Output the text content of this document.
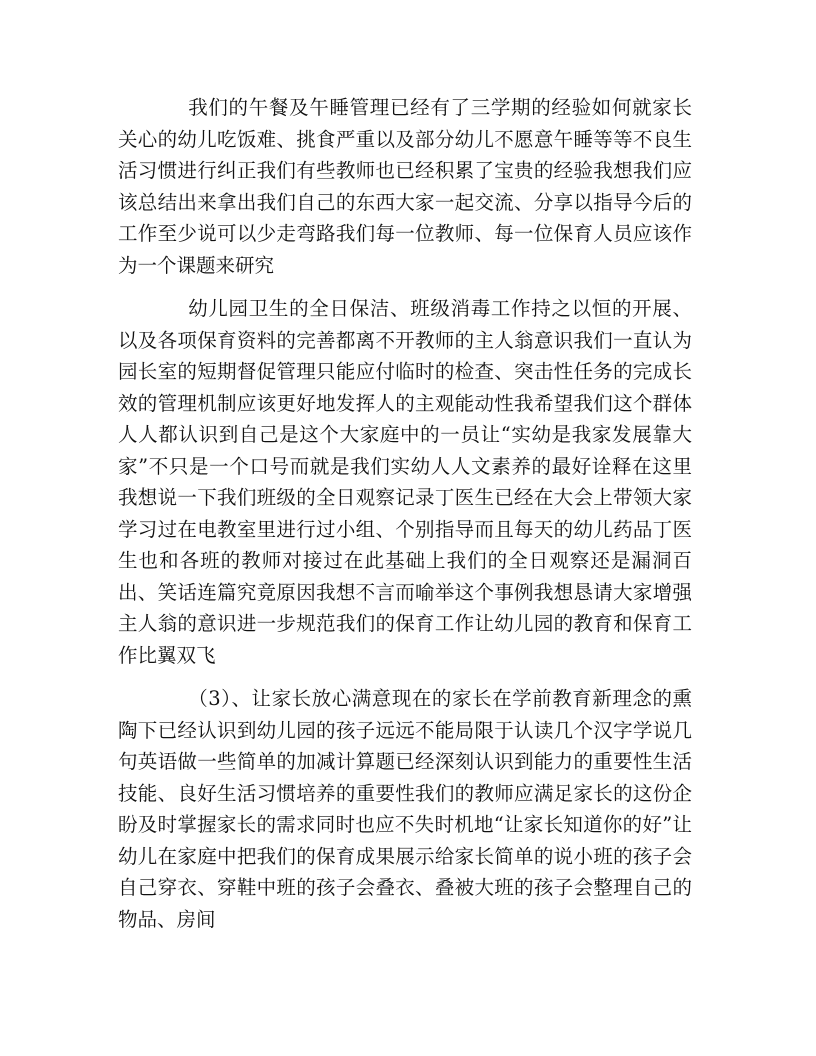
我们的午餐及午睡管理已经有了三学期的经验如何就家长关心的幼儿吃饭难、挑食严重以及部分幼儿不愿意午睡等等不良生活习惯进行纠正我们有些教师也已经积累了宝贵的经验我想我们应该总结出来拿出我们自己的东西大家一起交流、分享以指导今后的工作至少说可以少走弯路我们每一位教师、每一位保育人员应该作为一个课题来研究

幼儿园卫生的全日保洁、班级消毒工作持之以恒的开展、以及各项保育资料的完善都离不开教师的主人翁意识我们一直认为园长室的短期督促管理只能应付临时的检查、突击性任务的完成长效的管理机制应该更好地发挥人的主观能动性我希望我们这个群体人人都认识到自己是这个大家庭中的一员让“实幼是我家发展靠大家”不只是一个口号而就是我们实幼人人文素养的最好诠释在这里我想说一下我们班级的全日观察记录丁医生已经在大会上带领大家学习过在电教室里进行过小组、个别指导而且每天的幼儿药品丁医生也和各班的教师对接过在此基础上我们的全日观察还是漏洞百出、笑话连篇究竟原因我想不言而喻举这个事例我想恳请大家增强主人翁的意识进一步规范我们的保育工作让幼儿园的教育和保育工作比翼双飞

（3）、让家长放心满意现在的家长在学前教育新理念的熏陶下已经认识到幼儿园的孩子远远不能局限于认读几个汉字学说几句英语做一些简单的加减计算题已经深刻认识到能力的重要性生活技能、良好生活习惯培养的重要性我们的教师应满足家长的这份企盼及时掌握家长的需求同时也应不失时机地“让家长知道你的好”让幼儿在家庭中把我们的保育成果展示给家长简单的说小班的孩子会自己穿衣、穿鞋中班的孩子会叠衣、叠被大班的孩子会整理自己的物品、房间
